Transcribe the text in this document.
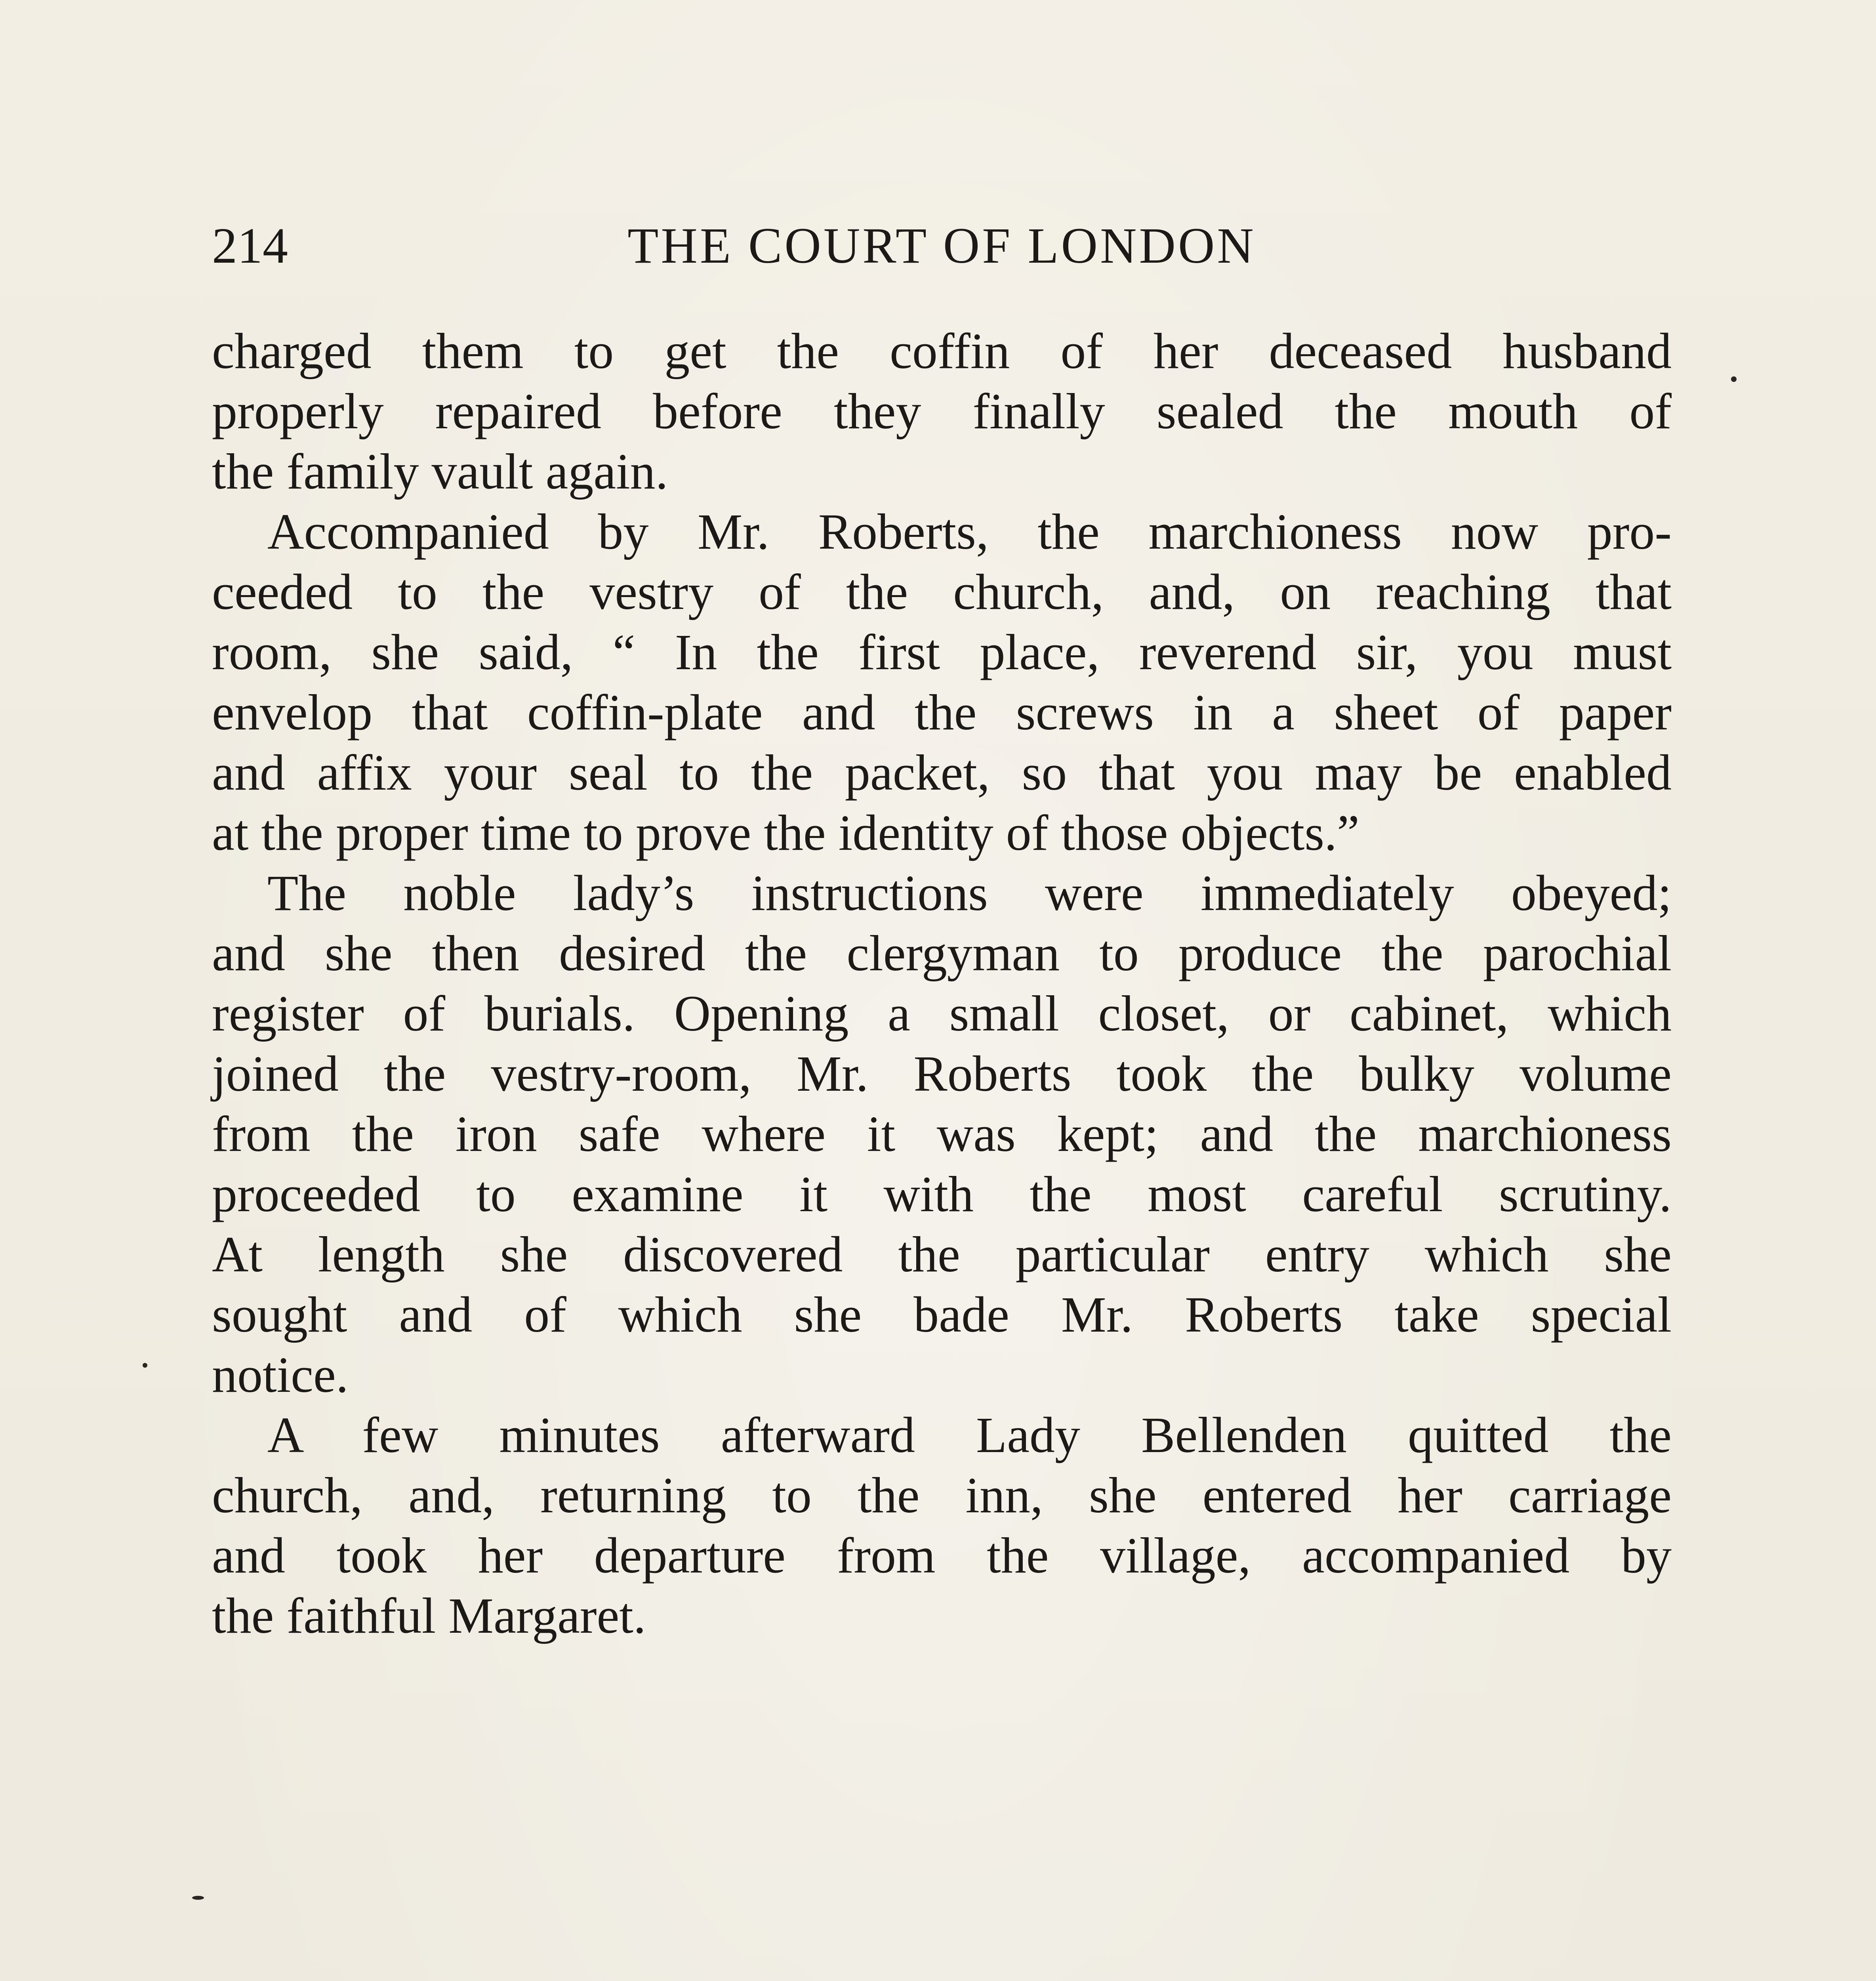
214	THE COURT OF LONDON

charged them to get the coffin of her deceased husband

properly repaired before they finally sealed the mouth of

the family vault again.

Accompanied by Mr. Roberts, the marchioness now pro-

ceeded to the vestry of the church, and, on reaching that

room, she said, “ In the first place, reverend sir, you must

envelop that coffin-plate and the screws in a sheet of paper

and affix your seal to the packet, so that you may be enabled

at the proper time to prove the identity of those objects.”

The noble lady’s instructions were immediately obeyed;

and she then desired the clergyman to produce the parochial

register of burials. Opening a small closet, or cabinet, which

joined the vestry-room, Mr. Roberts took the bulky volume

from the iron safe where it was kept; and the marchioness

proceeded to examine it with the most careful scrutiny.

At length she discovered the particular entry which she

sought and of which she bade Mr. Roberts take special

notice.

A few minutes afterward Lady Bellenden quitted the

church, and, returning to the inn, she entered her carriage

and took her departure from the village, accompanied by

the faithful Margaret.
